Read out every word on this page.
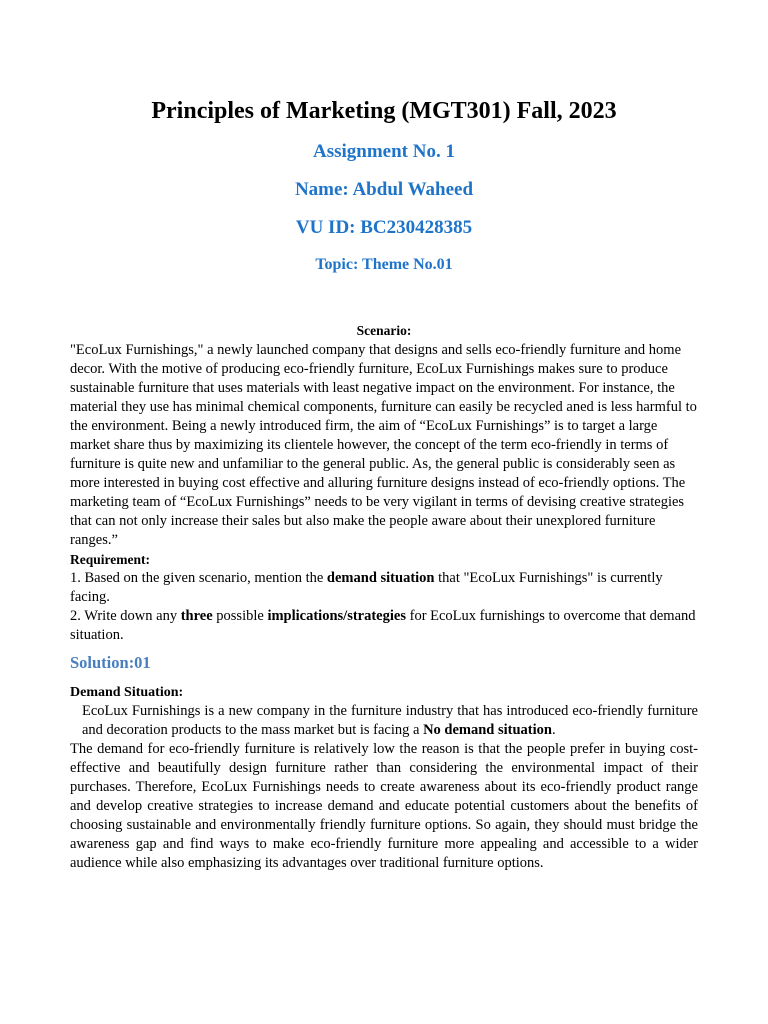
Principles of Marketing (MGT301) Fall, 2023
Assignment No. 1
Name: Abdul Waheed
VU ID: BC230428385
Topic: Theme No.01

Scenario:

"EcoLux Furnishings," a newly launched company that designs and sells eco-friendly furniture and home decor. With the motive of producing eco-friendly furniture, EcoLux Furnishings makes sure to produce sustainable furniture that uses materials with least negative impact on the environment. For instance, the material they use has minimal chemical components, furniture can easily be recycled aned is less harmful to the environment. Being a newly introduced firm, the aim of “EcoLux Furnishings” is to target a large market share thus by maximizing its clientele however, the concept of the term eco-friendly in terms of furniture is quite new and unfamiliar to the general public. As, the general public is considerably seen as more interested in buying cost effective and alluring furniture designs instead of eco-friendly options. The marketing team of “EcoLux Furnishings” needs to be very vigilant in terms of devising creative strategies that can not only increase their sales but also make the people aware about their unexplored furniture ranges.”

Requirement:

1. Based on the given scenario, mention the demand situation that "EcoLux Furnishings" is currently facing.

2. Write down any three possible implications/strategies for EcoLux furnishings to overcome that demand situation.

Solution:01

Demand Situation:

EcoLux Furnishings is a new company in the furniture industry that has introduced eco-friendly furniture and decoration products to the mass market but is facing a No demand situation.

The demand for eco-friendly furniture is relatively low the reason is that the people prefer in buying cost-effective and beautifully design furniture rather than considering the environmental impact of their purchases. Therefore, EcoLux Furnishings needs to create awareness about its eco-friendly product range and develop creative strategies to increase demand and educate potential customers about the benefits of choosing sustainable and environmentally friendly furniture options. So again, they should must bridge the awareness gap and find ways to make eco-friendly furniture more appealing and accessible to a wider audience while also emphasizing its advantages over traditional furniture options.
